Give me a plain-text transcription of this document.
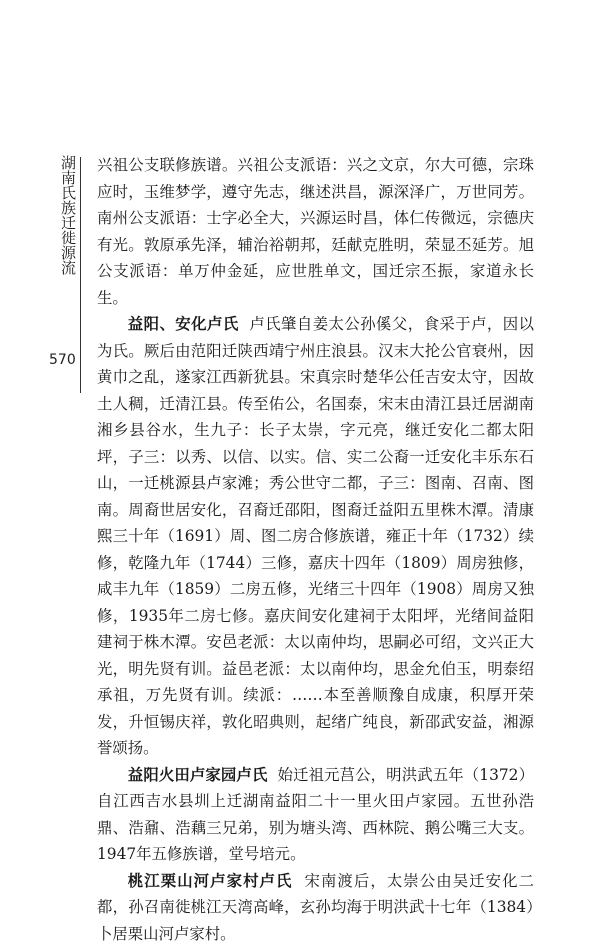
湖南氏族迁徙源流
570

兴祖公支联修族谱。兴祖公支派语：兴之文京，尔大可德，宗珠应时，玉维梦学，遵守先志，继述洪昌，源深泽广，万世同芳。南州公支派语：士字必全大，兴源运时昌，体仁传微远，宗德庆有光。敦原承先泽，辅治裕朝邦，廷献克胜明，荣显丕延芳。旭公支派语：单万仲金延，应世胜单文，国迁宗丕振，家道永长生。

益阳、安化卢氏 卢氏肇自姜太公孙傒父，食采于卢，因以为氏。厥后由范阳迁陕西靖宁州庄浪县。汉末大抡公官衰州，因黄巾之乱，遂家江西新犹县。宋真宗时楚华公任吉安太守，因故土人稠，迁清江县。传至佑公，名国泰，宋末由清江县迁居湖南湘乡县谷水，生九子：长子太崇，字元亮，继迁安化二都太阳坪，子三：以秀、以信、以实。信、实二公裔一迁安化丰乐东石山，一迁桃源县卢家滩；秀公世守二都，子三：图南、召南、图南。周裔世居安化，召裔迁邵阳，图裔迁益阳五里株木潭。清康熙三十年（1691）周、图二房合修族谱，雍正十年（1732）续修，乾隆九年（1744）三修，嘉庆十四年（1809）周房独修，咸丰九年（1859）二房五修，光绪三十四年（1908）周房又独修，1935年二房七修。嘉庆间安化建祠于太阳坪，光绪间益阳建祠于株木潭。安邑老派：太以南仲均，思嗣必可绍，文兴正大光，明先贤有训。益邑老派：太以南仲均，思金允伯玉，明泰绍承祖，万先贤有训。续派：……本至善顺豫自成康，积厚开荣发，升恒锡庆祥，敦化昭典则，起绪广纯良，新邵武安益，湘源誉颂扬。

益阳火田卢家园卢氏 始迁祖元莒公，明洪武五年（1372）自江西吉水县圳上迁湖南益阳二十一里火田卢家园。五世孙浩鼎、浩鼐、浩藕三兄弟，别为塘头湾、西林院、鹅公嘴三大支。1947年五修族谱，堂号培元。

桃江栗山河卢家村卢氏 宋南渡后，太崇公由吴迁安化二都，孙召南徙桃江天湾高峰，玄孙均海于明洪武十七年（1384）卜居栗山河卢家村。
